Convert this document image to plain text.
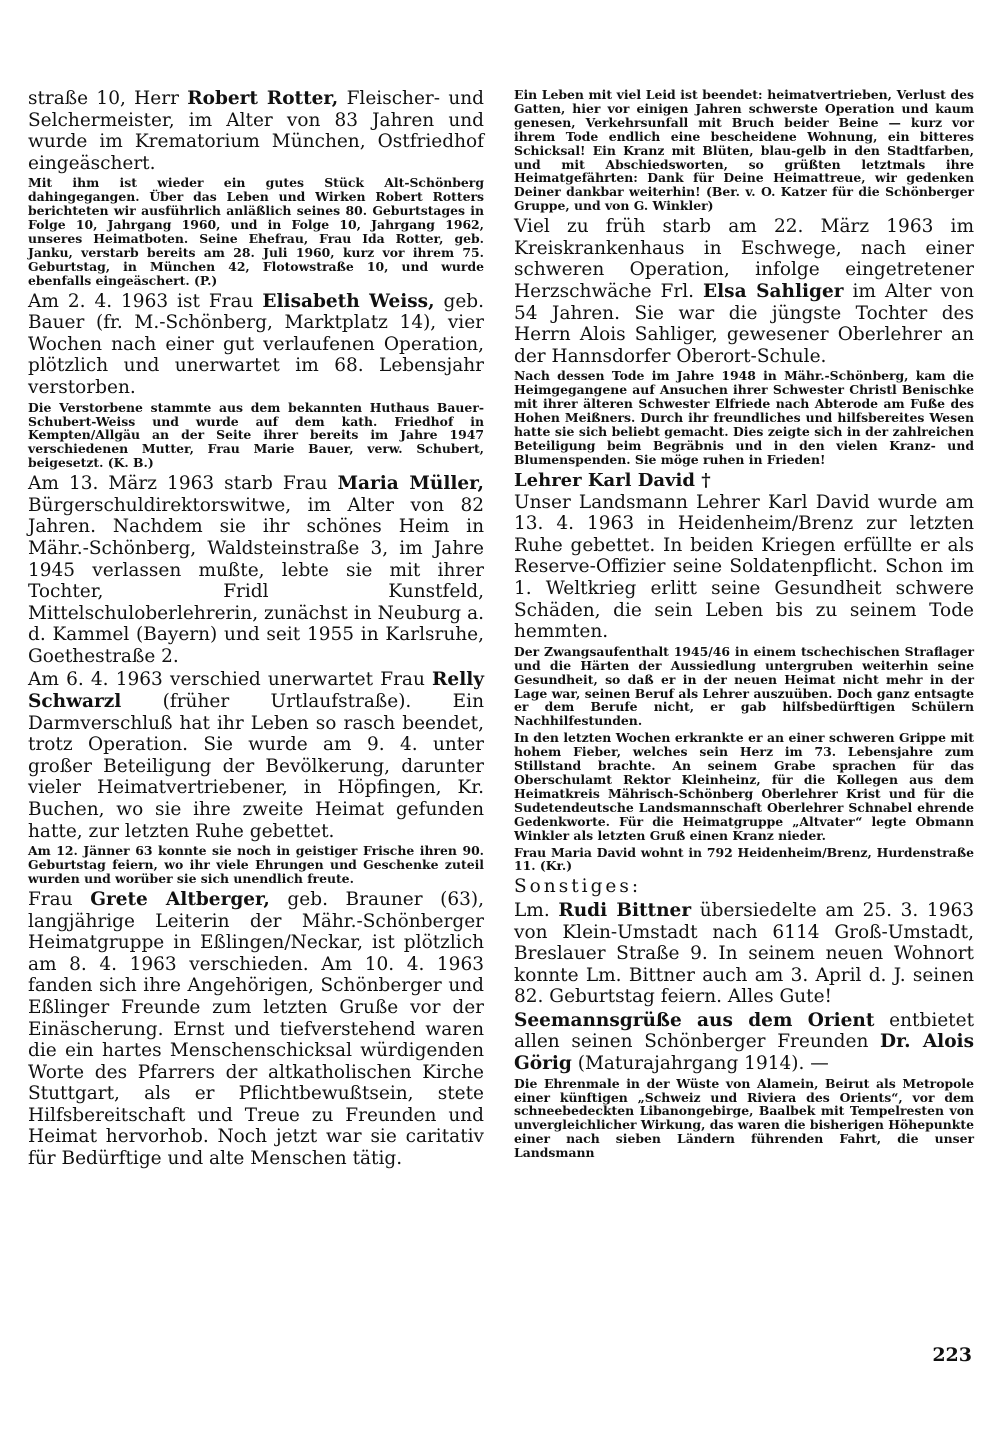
straße 10, Herr Robert Rotter, Fleischer- und Selchermeister, im Alter von 83 Jahren und wurde im Krematorium München, Ostfriedhof eingeäschert.

Mit ihm ist wieder ein gutes Stück Alt-Schönberg dahingegangen. Über das Leben und Wirken Robert Rotters berichteten wir ausführlich anläßlich seines 80. Geburtstages in Folge 10, Jahrgang 1960, und in Folge 10, Jahrgang 1962, unseres Heimatboten. Seine Ehefrau, Frau Ida Rotter, geb. Janku, verstarb bereits am 28. Juli 1960, kurz vor ihrem 75. Geburtstag, in München 42, Flotowstraße 10, und wurde ebenfalls eingeäschert. (P.)

Am 2. 4. 1963 ist Frau Elisabeth Weiss, geb. Bauer (fr. M.-Schönberg, Marktplatz 14), vier Wochen nach einer gut verlaufenen Operation, plötzlich und unerwartet im 68. Lebensjahr verstorben.

Die Verstorbene stammte aus dem bekannten Huthaus Bauer-Schubert-Weiss und wurde auf dem kath. Friedhof in Kempten/Allgäu an der Seite ihrer bereits im Jahre 1947 verschiedenen Mutter, Frau Marie Bauer, verw. Schubert, beigesetzt. (K. B.)

Am 13. März 1963 starb Frau Maria Müller, Bürgerschuldirektorswitwe, im Alter von 82 Jahren. Nachdem sie ihr schönes Heim in Mähr.-Schönberg, Waldsteinstraße 3, im Jahre 1945 verlassen mußte, lebte sie mit ihrer Tochter, Fridl Kunstfeld, Mittelschuloberlehrerin, zunächst in Neuburg a. d. Kammel (Bayern) und seit 1955 in Karlsruhe, Goethestraße 2.

Am 6. 4. 1963 verschied unerwartet Frau Relly Schwarzl (früher Urtlaufstraße). Ein Darmverschluß hat ihr Leben so rasch beendet, trotz Operation. Sie wurde am 9. 4. unter großer Beteiligung der Bevölkerung, darunter vieler Heimatvertriebener, in Höpfingen, Kr. Buchen, wo sie ihre zweite Heimat gefunden hatte, zur letzten Ruhe gebettet.

Am 12. Jänner 63 konnte sie noch in geistiger Frische ihren 90. Geburtstag feiern, wo ihr viele Ehrungen und Geschenke zuteil wurden und worüber sie sich unendlich freute.

Frau Grete Altberger, geb. Brauner (63), langjährige Leiterin der Mähr.-Schönberger Heimatgruppe in Eßlingen/Neckar, ist plötzlich am 8. 4. 1963 verschieden. Am 10. 4. 1963 fanden sich ihre Angehörigen, Schönberger und Eßlinger Freunde zum letzten Gruße vor der Einäscherung. Ernst und tiefverstehend waren die ein hartes Menschenschicksal würdigenden Worte des Pfarrers der altkatholischen Kirche Stuttgart, als er Pflichtbewußtsein, stete Hilfsbereitschaft und Treue zu Freunden und Heimat hervorhob. Noch jetzt war sie caritativ für Bedürftige und alte Menschen tätig.

Ein Leben mit viel Leid ist beendet: heimatvertrieben, Verlust des Gatten, hier vor einigen Jahren schwerste Operation und kaum genesen, Verkehrsunfall mit Bruch beider Beine — kurz vor ihrem Tode endlich eine bescheidene Wohnung, ein bitteres Schicksal! Ein Kranz mit Blüten, blau-gelb in den Stadtfarben, und mit Abschiedsworten, so grüßten letztmals ihre Heimatgefährten: Dank für Deine Heimattreue, wir gedenken Deiner dankbar weiterhin! (Ber. v. O. Katzer für die Schönberger Gruppe, und von G. Winkler)

Viel zu früh starb am 22. März 1963 im Kreiskrankenhaus in Eschwege, nach einer schweren Operation, infolge eingetretener Herzschwäche Frl. Elsa Sahliger im Alter von 54 Jahren. Sie war die jüngste Tochter des Herrn Alois Sahliger, gewesener Oberlehrer an der Hannsdorfer Oberort-Schule.

Nach dessen Tode im Jahre 1948 in Mähr.-Schönberg, kam die Heimgegangene auf Ansuchen ihrer Schwester Christl Benischke mit ihrer älteren Schwester Elfriede nach Abterode am Fuße des Hohen Meißners. Durch ihr freundliches und hilfsbereites Wesen hatte sie sich beliebt gemacht. Dies zeigte sich in der zahlreichen Beteiligung beim Begräbnis und in den vielen Kranz- und Blumenspenden. Sie möge ruhen in Frieden!

Lehrer Karl David †

Unser Landsmann Lehrer Karl David wurde am 13. 4. 1963 in Heidenheim/Brenz zur letzten Ruhe gebettet. In beiden Kriegen erfüllte er als Reserve-Offizier seine Soldatenpflicht. Schon im 1. Weltkrieg erlitt seine Gesundheit schwere Schäden, die sein Leben bis zu seinem Tode hemmten.

Der Zwangsaufenthalt 1945/46 in einem tschechischen Straflager und die Härten der Aussiedlung untergruben weiterhin seine Gesundheit, so daß er in der neuen Heimat nicht mehr in der Lage war, seinen Beruf als Lehrer auszuüben. Doch ganz entsagte er dem Berufe nicht, er gab hilfsbedürftigen Schülern Nachhilfestunden.

In den letzten Wochen erkrankte er an einer schweren Grippe mit hohem Fieber, welches sein Herz im 73. Lebensjahre zum Stillstand brachte. An seinem Grabe sprachen für das Oberschulamt Rektor Kleinheinz, für die Kollegen aus dem Heimatkreis Mährisch-Schönberg Oberlehrer Krist und für die Sudetendeutsche Landsmannschaft Oberlehrer Schnabel ehrende Gedenkworte. Für die Heimatgruppe „Altvater“ legte Obmann Winkler als letzten Gruß einen Kranz nieder.

Frau Maria David wohnt in 792 Heidenheim/Brenz, Hurdenstraße 11. (Kr.)

Sonstiges:

Lm. Rudi Bittner übersiedelte am 25. 3. 1963 von Klein-Umstadt nach 6114 Groß-Umstadt, Breslauer Straße 9. In seinem neuen Wohnort konnte Lm. Bittner auch am 3. April d. J. seinen 82. Geburtstag feiern. Alles Gute!

Seemannsgrüße aus dem Orient entbietet allen seinen Schönberger Freunden Dr. Alois Görig (Maturajahrgang 1914). —

Die Ehrenmale in der Wüste von Alamein, Beirut als Metropole einer künftigen „Schweiz und Riviera des Orients“, vor dem schneebedeckten Libanongebirge, Baalbek mit Tempelresten von unvergleichlicher Wirkung, das waren die bisherigen Höhepunkte einer nach sieben Ländern führenden Fahrt, die unser Landsmann

223
